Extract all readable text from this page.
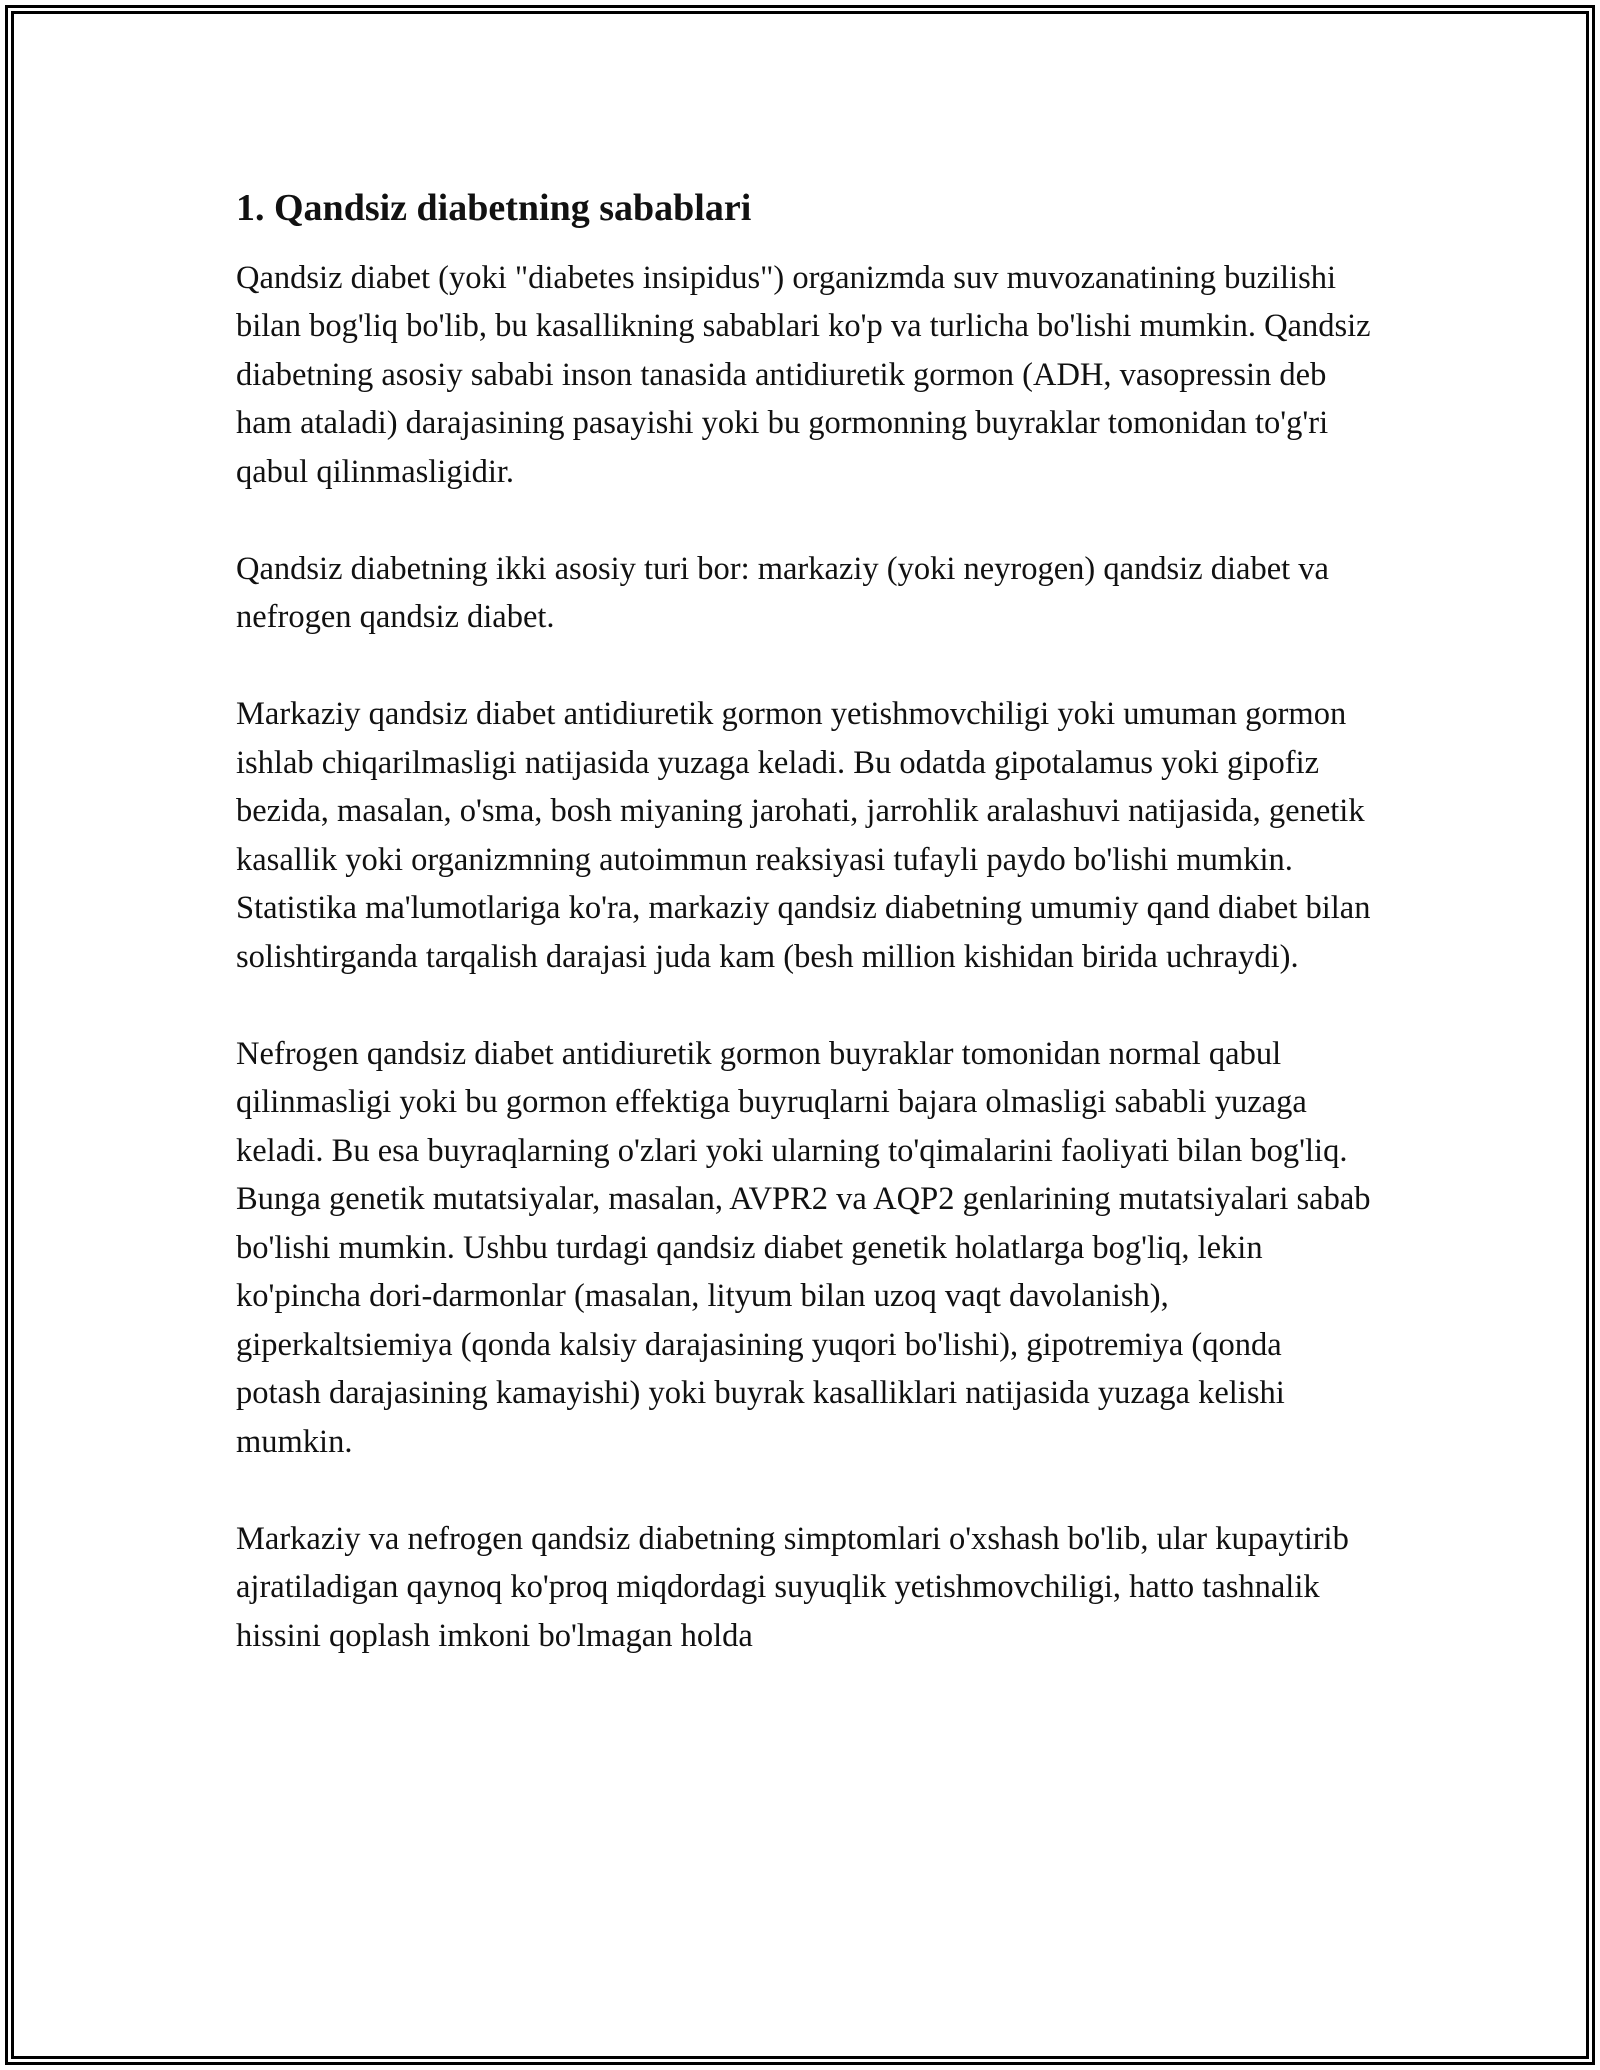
1. Qandsiz diabetning sabablari

Qandsiz diabet (yoki "diabetes insipidus") organizmda suv muvozanatining buzilishi bilan bog'liq bo'lib, bu kasallikning sabablari ko'p va turlicha bo'lishi mumkin. Qandsiz diabetning asosiy sababi inson tanasida antidiuretik gormon (ADH, vasopressin deb ham ataladi) darajasining pasayishi yoki bu gormonning buyraklar tomonidan to'g'ri qabul qilinmasligidir.

Qandsiz diabetning ikki asosiy turi bor: markaziy (yoki neyrogen) qandsiz diabet va nefrogen qandsiz diabet.

Markaziy qandsiz diabet antidiuretik gormon yetishmovchiligi yoki umuman gormon ishlab chiqarilmasligi natijasida yuzaga keladi. Bu odatda gipotalamus yoki gipofiz bezida, masalan, o'sma, bosh miyaning jarohati, jarrohlik aralashuvi natijasida, genetik kasallik yoki organizmning autoimmun reaksiyasi tufayli paydo bo'lishi mumkin. Statistika ma'lumotlariga ko'ra, markaziy qandsiz diabetning umumiy qand diabet bilan solishtirganda tarqalish darajasi juda kam (besh million kishidan birida uchraydi).

Nefrogen qandsiz diabet antidiuretik gormon buyraklar tomonidan normal qabul qilinmasligi yoki bu gormon effektiga buyruqlarni bajara olmasligi sababli yuzaga keladi. Bu esa buyraqlarning o'zlari yoki ularning to'qimalarini faoliyati bilan bog'liq. Bunga genetik mutatsiyalar, masalan, AVPR2 va AQP2 genlarining mutatsiyalari sabab bo'lishi mumkin. Ushbu turdagi qandsiz diabet genetik holatlarga bog'liq, lekin ko'pincha dori-darmonlar (masalan, lityum bilan uzoq vaqt davolanish), giperkaltsiemiya (qonda kalsiy darajasining yuqori bo'lishi), gipotremiya (qonda potash darajasining kamayishi) yoki buyrak kasalliklari natijasida yuzaga kelishi mumkin.

Markaziy va nefrogen qandsiz diabetning simptomlari o'xshash bo'lib, ular kupaytirib ajratiladigan qaynoq ko'proq miqdordagi suyuqlik yetishmovchiligi, hatto tashnalik hissini qoplash imkoni bo'lmagan holda
